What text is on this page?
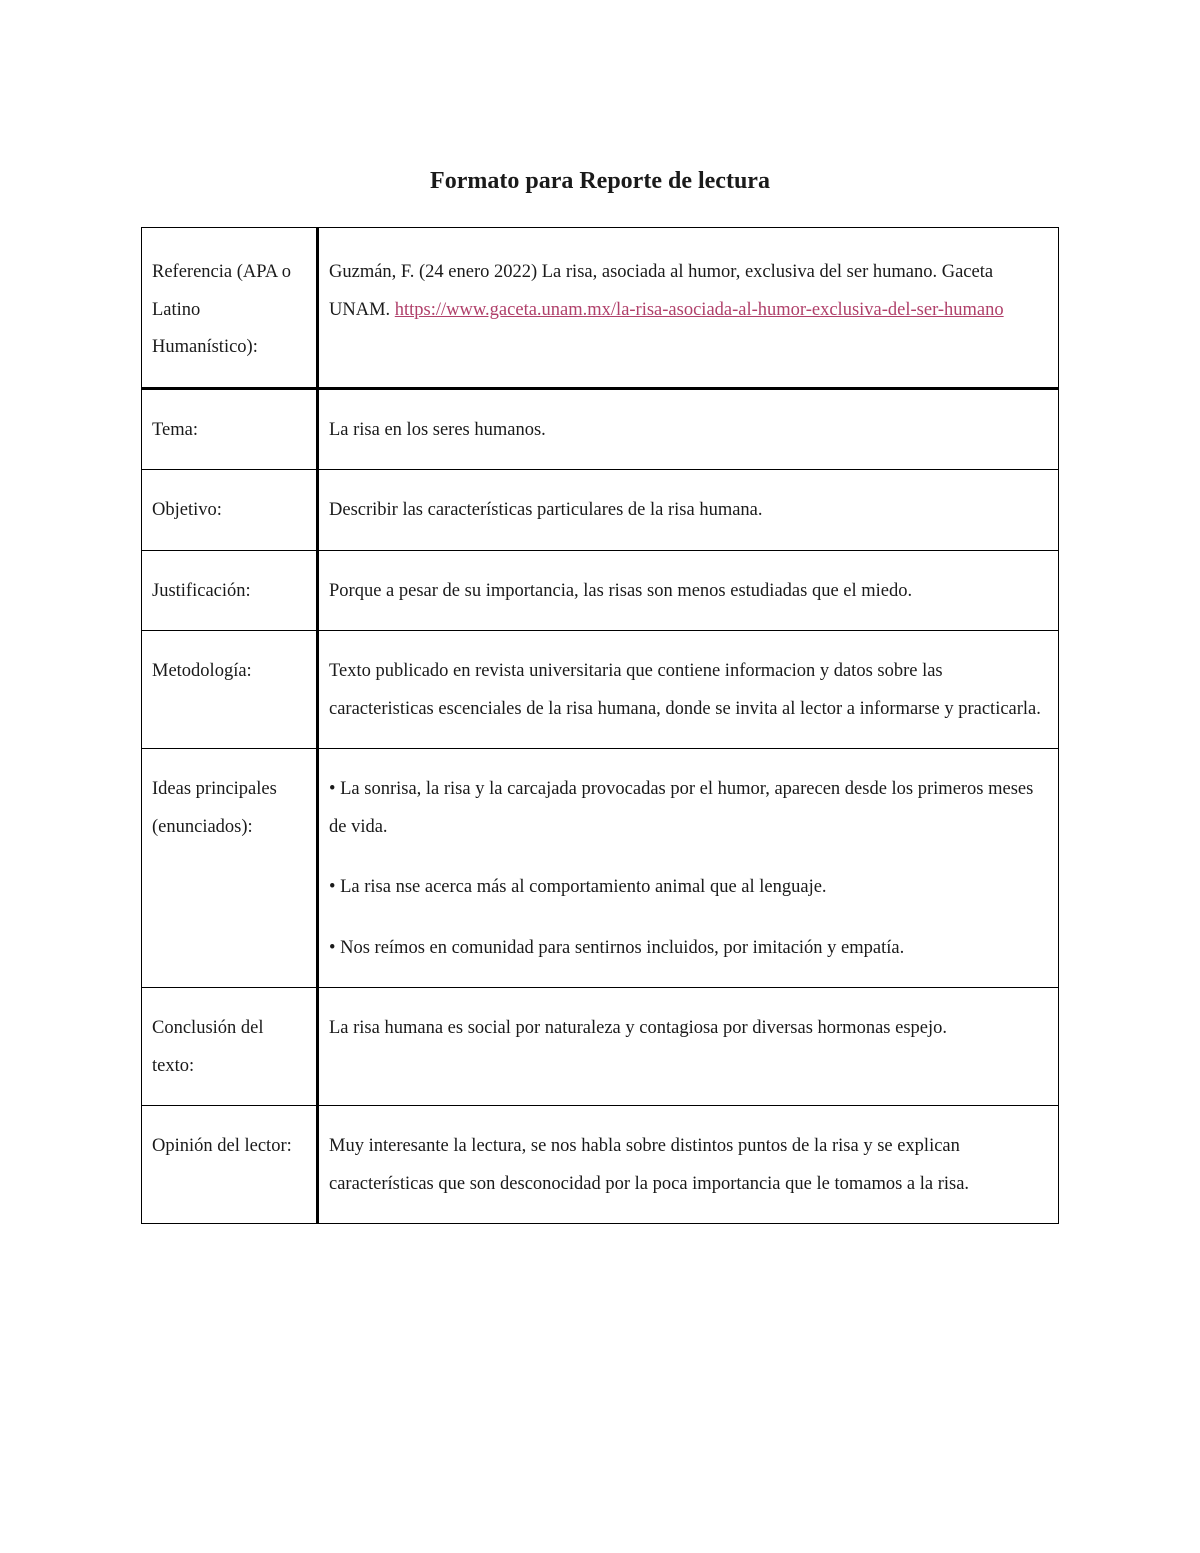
Formato para Reporte de lectura
Referencia (APA o Latino Humanístico):	Guzmán, F. (24 enero 2022) La risa, asociada al humor, exclusiva del ser humano. Gaceta UNAM. https://www.gaceta.unam.mx/la-risa-asociada-al-humor-exclusiva-del-ser-humano
Tema:	La risa en los seres humanos.
Objetivo:	Describir las características particulares de la risa humana.
Justificación:	Porque a pesar de su importancia, las risas son menos estudiadas que el miedo.
Metodología:	Texto publicado en revista universitaria que contiene informacion y datos sobre las caracteristicas escenciales de la risa humana, donde se invita al lector a informarse y practicarla.
Ideas principales (enunciados):	• La sonrisa, la risa y la carcajada provocadas por el humor, aparecen desde los primeros meses de vida.
• La risa nse acerca más al comportamiento animal que al lenguaje.
• Nos reímos en comunidad para sentirnos incluidos, por imitación y empatía.

Conclusión del texto:	La risa humana es social por naturaleza y contagiosa por diversas hormonas espejo.
Opinión del lector:	Muy interesante la lectura, se nos habla sobre distintos puntos de la risa y se explican características que son desconocidad por la poca importancia que le tomamos a la risa.
